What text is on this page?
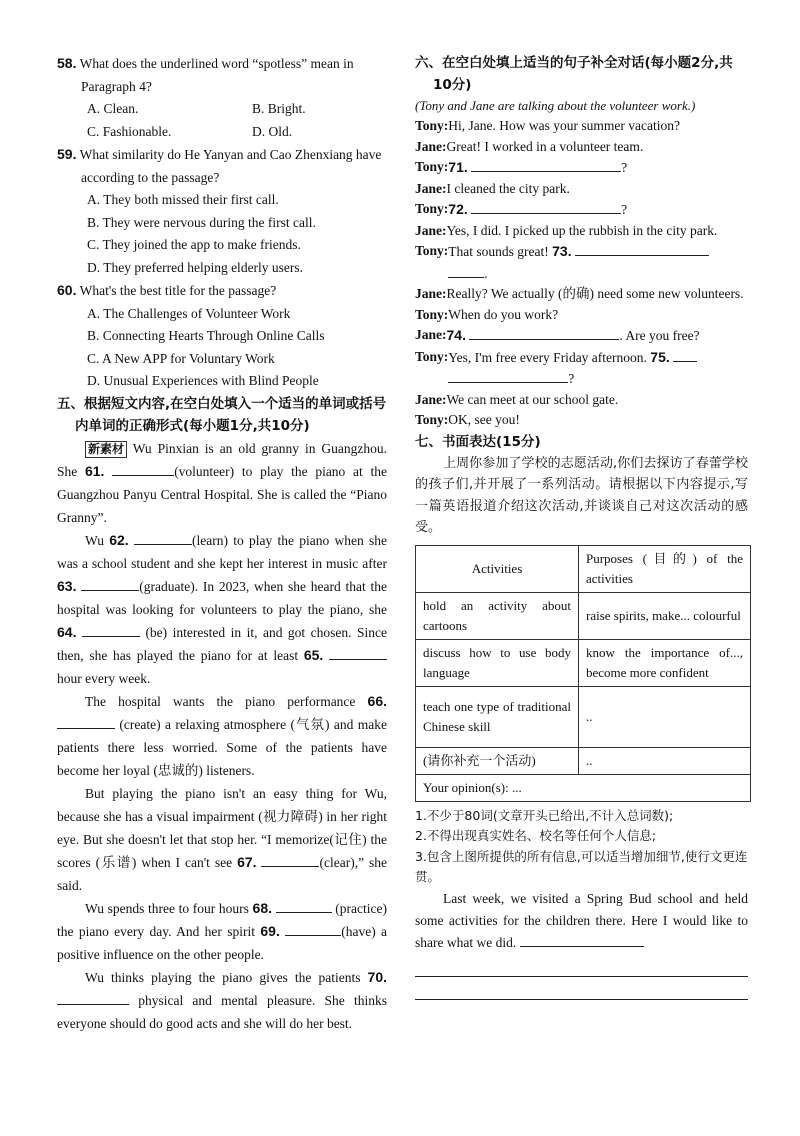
58. What does the underlined word “spotless” mean in Paragraph 4?

A. Clean.	B. Bright.

C. Fashionable.	D. Old.

59. What similarity do He Yanyan and Cao Zhenxiang have according to the passage?

A. They both missed their first call.

B. They were nervous during the first call.

C. They joined the app to make friends.

D. They preferred helping elderly users.

60. What's the best title for the passage?

A. The Challenges of Volunteer Work

B. Connecting Hearts Through Online Calls

C. A New APP for Voluntary Work

D. Unusual Experiences with Blind People

五、根据短文内容,在空白处填入一个适当的单词或括号内单词的正确形式(每小题1分,共10分)

新素材 Wu Pinxian is an old granny in Guangzhou. She 61.	(volunteer) to play the piano at the Guangzhou Panyu Central Hospital. She is called the “Piano Granny”.

Wu 62.	(learn) to play the piano when she was a school student and she kept her interest in music after 63.	(graduate). In 2023, when she heard that the hospital was looking for volunteers to play the piano, she 64.	(be) interested in it, and got chosen. Since then, she has played the piano for at least 65.  hour every week.

The hospital wants the piano performance 66.  (create) a relaxing atmosphere (气氛) and make patients there less worried. Some of the patients have become her loyal (忠诚的) listeners.

But playing the piano isn't an easy thing for Wu, because she has a visual impairment (视力障碍) in her right eye. But she doesn't let that stop her. “I memorize(记住) the scores (乐谱) when I can't see 67.	(clear),” she said.

Wu spends three to four hours 68.	(practice) the piano every day. And her spirit 69.	(have) a positive influence on the other people.

Wu thinks playing the piano gives the patients 70.  physical and mental pleasure. She thinks everyone should do good acts and she will do her best.

六、在空白处填上适当的句子补全对话(每小题2分,共10分)

(Tony and Jane are talking about the volunteer work.)

Tony: Hi, Jane. How was your summer vacation?

Jane: Great! I worked in a volunteer team.

Tony: 71.	?

Jane: I cleaned the city park.

Tony: 72.	?

Jane: Yes, I did. I picked up the rubbish in the city park.

Tony: That sounds great! 73.
.

Jane: Really? We actually (的确) need some new volunteers.

Tony: When do you work?

Jane: 74.	. Are you free?

Tony: Yes, I'm free every Friday afternoon. 75.
?

Jane: We can meet at our school gate.

Tony: OK, see you!

七、书面表达(15分)

上周你参加了学校的志愿活动,你们去探访了春蕾学校的孩子们,并开展了一系列活动。请根据以下内容提示,写一篇英语报道介绍这次活动,并谈谈自己对这次活动的感受。

Activities	Purposes (目的) of the activities
hold an activity about cartoons	raise spirits, make... colourful
discuss how to use body language	know the importance of..., become more confident
teach one type of traditional Chinese skill	..
(请你补充一个活动)	..
Your opinion(s): ...	

1.不少于80词(文章开头已给出,不计入总词数);

2.不得出现真实姓名、校名等任何个人信息;

3.包含上图所提供的所有信息,可以适当增加细节,使行文更连贯。

Last week, we visited a Spring Bud school and held some activities for the children there. Here I would like to share what we did.
